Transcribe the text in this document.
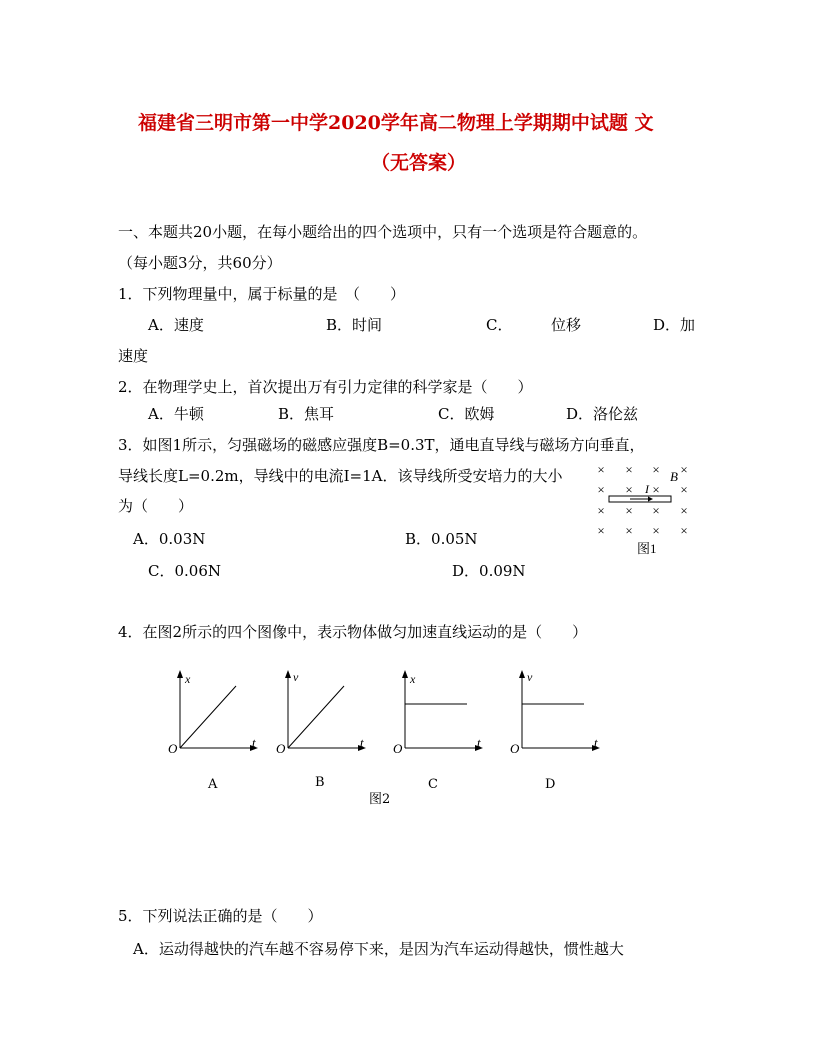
福建省三明市第一中学2020学年高二物理上学期期中试题 文
（无答案）
一、本题共20小题，在每小题给出的四个选项中，只有一个选项是符合题意的。
（每小题3分，共60分）
1．下列物理量中，属于标量的是　（　　）
A．速度	B．时间	C．	位移	D．加
速度
2．在物理学史上，首次提出万有引力定律的科学家是（　　）
A．牛顿	B．焦耳	C．欧姆	D．洛伦兹
3．如图1所示，匀强磁场的磁感应强度B=0.3T，通电直导线与磁场方向垂直，
导线长度L=0.2m，导线中的电流I=1A．该导线所受安培力的大小
为（　　）
A．0.03N	B．0.05N
C．0.06N	D．0.09N
× × × ×
× × × ×
× × × ×
× × × ×
B
I
图1
4．在图2所示的四个图像中，表示物体做匀加速直线运动的是（　　）
x
t
O
v
t
O
x
t
O
v
t
O
A	B	C	D
图2
5．下列说法正确的是（　　）
A．运动得越快的汽车越不容易停下来，是因为汽车运动得越快，惯性越大
